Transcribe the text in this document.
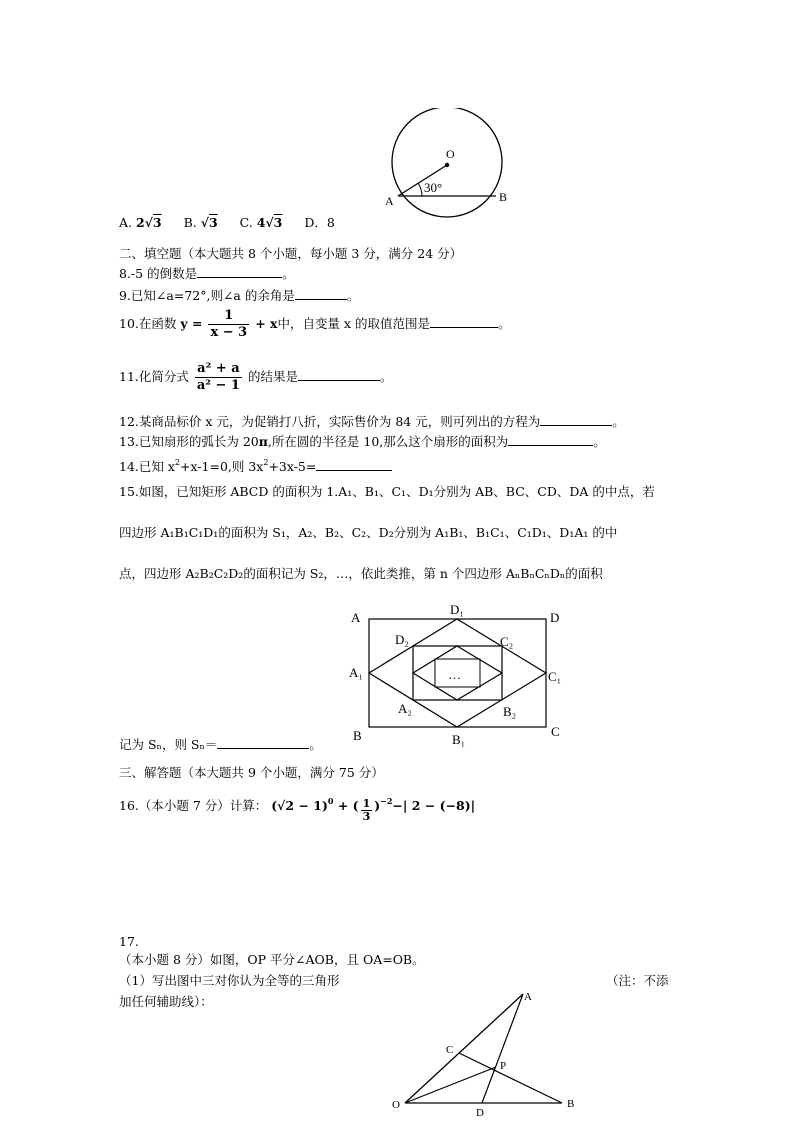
O
A	B
30°
A. 2√3 B. √3 C. 4√3 D．8
二、填空题（本大题共 8 个小题，每小题 3 分，满分 24 分）
8.-5 的倒数是	。
9.已知∠a=72°,则∠a 的余角是	。
10.在函数 $y = \frac{1}{x - 3} + x$中，自变量 x 的取值范围是	。
11.化简分式 $\frac{\text{a² + a}}{\text{a² − 1}}$ 的结果是	。
12.某商品标价 x 元，为促销打八折，实际售价为 84 元，则可列出的方程为	。
13.已知扇形的弧长为 20π,所在圆的半径是 10,那么这个扇形的面积为	。
14.已知 $x^2+x-1=0$,则 $3x^2+3x-5=$
15.如图，已知矩形 ABCD 的面积为 1.A₁、B₁、C₁、D₁分别为 AB、BC、CD、DA 的中点，若
四边形 A₁B₁C₁D₁的面积为 S₁，A₂、B₂、C₂、D₂分别为 A₁B₁、B₁C₁、C₁D₁、D₁A₁ 的中
点，四边形 A₂B₂C₂D₂的面积记为 S₂，…，依此类推，第 n 个四边形 AₙBₙCₙDₙ的面积
A	D
B	C
D₁
B₁
A₁	C₁
D₂	C₂
A₂	B₂
…
记为 Sₙ，则 Sₙ＝	。
三、解答题（本大题共 9 个小题，满分 75 分）
16.（本小题 7 分）计算： $(√2 - 1)^0$ + ( $\frac{1}{3} )^{-2}-|$ 2 − (−8)|
17.
（本小题 8 分）如图，OP 平分∠AOB，且 OA=OB。
（1）写出图中三对你认为全等的三角形	（注：不添
加任何辅助线）：	A
C
P
O
D
B
